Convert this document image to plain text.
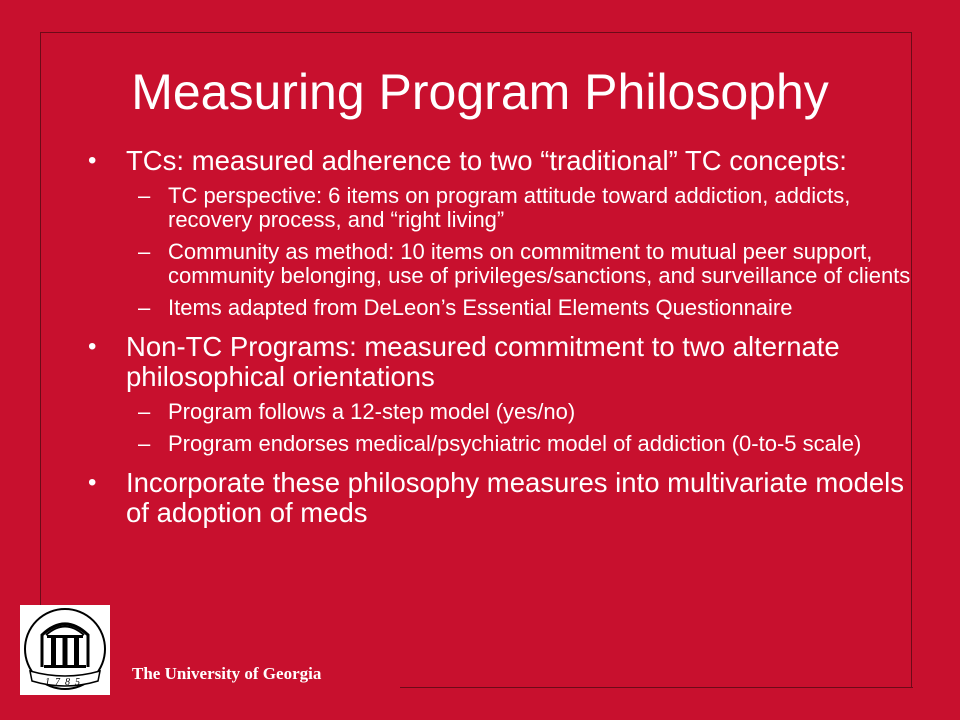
Measuring Program Philosophy
• TCs: measured adherence to two “traditional” TC concepts:
– TC perspective: 6 items on program attitude toward addiction, addicts, recovery process, and “right living”
– Community as method: 10 items on commitment to mutual peer support, community belonging, use of privileges/sanctions, and surveillance of clients
– Items adapted from DeLeon’s Essential Elements Questionnaire
• Non-TC Programs: measured commitment to two alternate philosophical orientations
– Program follows a 12-step model (yes/no)
– Program endorses medical/psychiatric model of addiction (0-to-5 scale)
• Incorporate these philosophy measures into multivariate models of adoption of meds
1785	The University of Georgia
